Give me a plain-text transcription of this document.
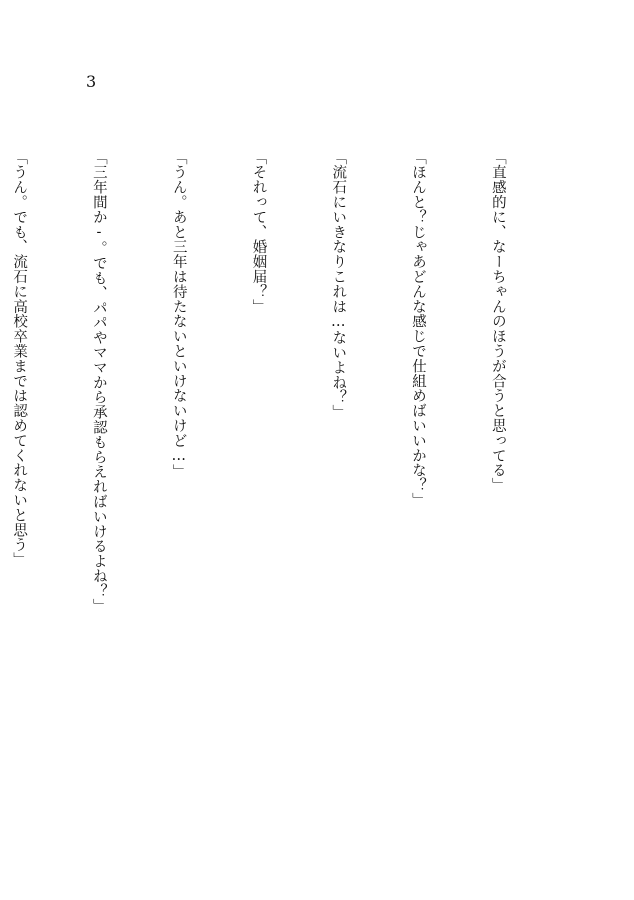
3

「直感的に、なーちゃんのほうが合うと思ってる」

「ほんと？じゃあどんな感じで仕組めばいいかな？」

「流石にいきなりこれは…ないよね？」

「それって、婚姻届？」

「うん。あと三年は待たないといけないけど…」

「三年間か-。でも、パパやママから承認もらえればいけるよね？」

「うん。でも、流石に高校卒業までは認めてくれないと思う」
